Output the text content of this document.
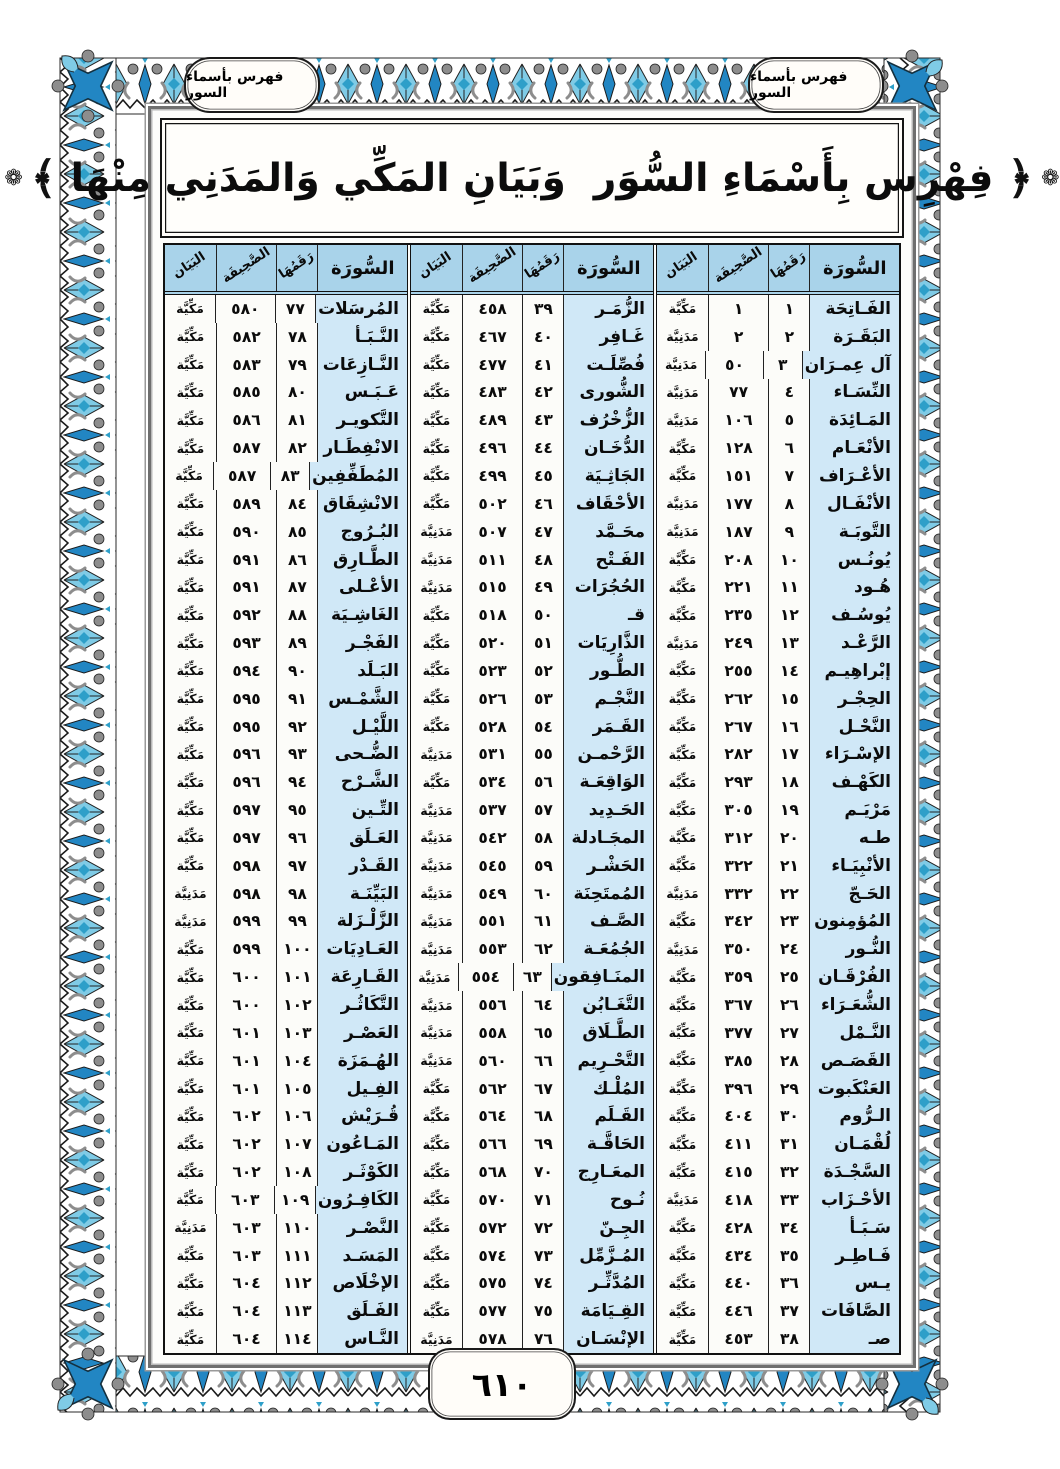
فهرس بأسماء السور
فهرس بأسماء السور
❁
﴿
فِهْرِس بِأَسْمَاءِ السُّوَر
وَبَيَانِ المَكِّي وَالمَدَنِي مِنْهَا
﴾
❁
السُّورَة
رَقَمُهَا
الصَّحِيفَة
البَيَان
الفَـاتِحَة
١
١
مَكِّيَّة
البَقَـرَة
٢
٢
مَدَنِيَّة
آل عِمـرَان
٣
٥٠
مَدَنِيَّة
النِّسَـاء
٤
٧٧
مَدَنِيَّة
المَـائِدَة
٥
١٠٦
مَدَنِيَّة
الأنْعَـام
٦
١٢٨
مَكِّيَّة
الأعْـرَاف
٧
١٥١
مَكِّيَّة
الأنْفَـال
٨
١٧٧
مَدَنِيَّة
التَّوبَـة
٩
١٨٧
مَدَنِيَّة
يُونُـس
١٠
٢٠٨
مَكِّيَّة
هُـود
١١
٢٢١
مَكِّيَّة
يُوسُـف
١٢
٢٣٥
مَكِّيَّة
الرَّعْـد
١٣
٢٤٩
مَدَنِيَّة
إبْراهِيـم
١٤
٢٥٥
مَكِّيَّة
الحِجْـر
١٥
٢٦٢
مَكِّيَّة
النَّحْـل
١٦
٢٦٧
مَكِّيَّة
الإسْـرَاء
١٧
٢٨٢
مَكِّيَّة
الكَهْـف
١٨
٢٩٣
مَكِّيَّة
مَرْيَـم
١٩
٣٠٥
مَكِّيَّة
طـه
٢٠
٣١٢
مَكِّيَّة
الأنْبِيَـاء
٢١
٣٢٢
مَكِّيَّة
الحَـجّ
٢٢
٣٣٢
مَدَنِيَّة
المُؤمِنون
٢٣
٣٤٢
مَكِّيَّة
النُّـور
٢٤
٣٥٠
مَدَنِيَّة
الفُرْقَـان
٢٥
٣٥٩
مَكِّيَّة
الشُّعَـرَاء
٢٦
٣٦٧
مَكِّيَّة
النَّـمْل
٢٧
٣٧٧
مَكِّيَّة
القَصَـص
٢٨
٣٨٥
مَكِّيَّة
العَنْكَبوت
٢٩
٣٩٦
مَكِّيَّة
الـرُّوم
٣٠
٤٠٤
مَكِّيَّة
لُقْمَـان
٣١
٤١١
مَكِّيَّة
السَّجْـدَة
٣٢
٤١٥
مَكِّيَّة
الأحْـزَاب
٣٣
٤١٨
مَدَنِيَّة
سَـبَـأ
٣٤
٤٢٨
مَكِّيَّة
فَـاطِـر
٣٥
٤٣٤
مَكِّيَّة
يـس
٣٦
٤٤٠
مَكِّيَّة
الصَّافَات
٣٧
٤٤٦
مَكِّيَّة
صـ
٣٨
٤٥٣
مَكِّيَّة
السُّورَة
رَقَمُهَا
الصَّحِيفَة
البَيَان
الزُّمَـر
٣٩
٤٥٨
مَكِّيَّة
غَـافِر
٤٠
٤٦٧
مَكِّيَّة
فُصِّلَـت
٤١
٤٧٧
مَكِّيَّة
الشُّورى
٤٢
٤٨٣
مَكِّيَّة
الزُّخْرُف
٤٣
٤٨٩
مَكِّيَّة
الدُّخَـان
٤٤
٤٩٦
مَكِّيَّة
الجَاثِـيَة
٤٥
٤٩٩
مَكِّيَّة
الأحْقَاف
٤٦
٥٠٢
مَكِّيَّة
محَـمَّد
٤٧
٥٠٧
مَدَنِيَّة
الفَـتْح
٤٨
٥١١
مَدَنِيَّة
الحُجُرَات
٤٩
٥١٥
مَدَنِيَّة
قـ
٥٠
٥١٨
مَكِّيَّة
الذَّارِيَات
٥١
٥٢٠
مَكِّيَّة
الطُّـور
٥٢
٥٢٣
مَكِّيَّة
النَّجْـم
٥٣
٥٢٦
مَكِّيَّة
القَـمَر
٥٤
٥٢٨
مَكِّيَّة
الرَّحْمـن
٥٥
٥٣١
مَدَنِيَّة
الوَاقِعَـة
٥٦
٥٣٤
مَكِّيَّة
الحَـدِيد
٥٧
٥٣٧
مَدَنِيَّة
المجَـادلة
٥٨
٥٤٢
مَدَنِيَّة
الحَشْـر
٥٩
٥٤٥
مَدَنِيَّة
المُمتَحِنَة
٦٠
٥٤٩
مَدَنِيَّة
الصَّـف
٦١
٥٥١
مَدَنِيَّة
الجُمُعَـة
٦٢
٥٥٣
مَدَنِيَّة
المنَـافِقون
٦٣
٥٥٤
مَدَنِيَّة
التَّغَـابُن
٦٤
٥٥٦
مَدَنِيَّة
الطَّـلَاق
٦٥
٥٥٨
مَدَنِيَّة
التَّحْـرِيم
٦٦
٥٦٠
مَدَنِيَّة
المُلْـك
٦٧
٥٦٢
مَكِّيَّة
القَـلَم
٦٨
٥٦٤
مَكِّيَّة
الحَاقَّـة
٦٩
٥٦٦
مَكِّيَّة
المعَـارِج
٧٠
٥٦٨
مَكِّيَّة
نُـوح
٧١
٥٧٠
مَكِّيَّة
الجِـنّ
٧٢
٥٧٢
مَكِّيَّة
المُـزَّمِّل
٧٣
٥٧٤
مَكِّيَّة
المُدَّثِّـر
٧٤
٥٧٥
مَكِّيَّة
القِـيَامَة
٧٥
٥٧٧
مَكِّيَّة
الإنْسَـان
٧٦
٥٧٨
مَدَنِيَّة
السُّورَة
رَقَمُهَا
الصَّحِيفَة
البَيَان
المُرسَلات
٧٧
٥٨٠
مَكِّيَّة
النَّـبَـأ
٧٨
٥٨٢
مَكِّيَّة
النَّـازِعَات
٧٩
٥٨٣
مَكِّيَّة
عَـبَـس
٨٠
٥٨٥
مَكِّيَّة
التَّكويـر
٨١
٥٨٦
مَكِّيَّة
الانْفِطَـار
٨٢
٥٨٧
مَكِّيَّة
المُطَفِّفِين
٨٣
٥٨٧
مَكِّيَّة
الانْشِقَاق
٨٤
٥٨٩
مَكِّيَّة
البُـرُوج
٨٥
٥٩٠
مَكِّيَّة
الطَّـارِق
٨٦
٥٩١
مَكِّيَّة
الأعْـلى
٨٧
٥٩١
مَكِّيَّة
الغَاشِـيَة
٨٨
٥٩٢
مَكِّيَّة
الفَجْـر
٨٩
٥٩٣
مَكِّيَّة
البَـلَد
٩٠
٥٩٤
مَكِّيَّة
الشَّمْـس
٩١
٥٩٥
مَكِّيَّة
اللَّيْـل
٩٢
٥٩٥
مَكِّيَّة
الضُّـحى
٩٣
٥٩٦
مَكِّيَّة
الشَّـرْح
٩٤
٥٩٦
مَكِّيَّة
التِّـين
٩٥
٥٩٧
مَكِّيَّة
العَـلَق
٩٦
٥٩٧
مَكِّيَّة
القَـدْر
٩٧
٥٩٨
مَكِّيَّة
البَيِّنَـة
٩٨
٥٩٨
مَدَنِيَّة
الزَّلْـزَلة
٩٩
٥٩٩
مَدَنِيَّة
العَـادِيَات
١٠٠
٥٩٩
مَكِّيَّة
القَـارِعَة
١٠١
٦٠٠
مَكِّيَّة
التَّكَاثُـر
١٠٢
٦٠٠
مَكِّيَّة
العَصْـر
١٠٣
٦٠١
مَكِّيَّة
الهُـمَزَة
١٠٤
٦٠١
مَكِّيَّة
الفِـيل
١٠٥
٦٠١
مَكِّيَّة
قُـرَيْش
١٠٦
٦٠٢
مَكِّيَّة
المَـاعُون
١٠٧
٦٠٢
مَكِّيَّة
الكَوْثَـر
١٠٨
٦٠٢
مَكِّيَّة
الكَافِـرُون
١٠٩
٦٠٣
مَكِّيَّة
النَّصْـر
١١٠
٦٠٣
مَدَنِيَّة
المَسَـد
١١١
٦٠٣
مَكِّيَّة
الإخْلَاص
١١٢
٦٠٤
مَكِّيَّة
الفَـلَق
١١٣
٦٠٤
مَكِّيَّة
النَّـاس
١١٤
٦٠٤
مَكِّيَّة
٦١٠
